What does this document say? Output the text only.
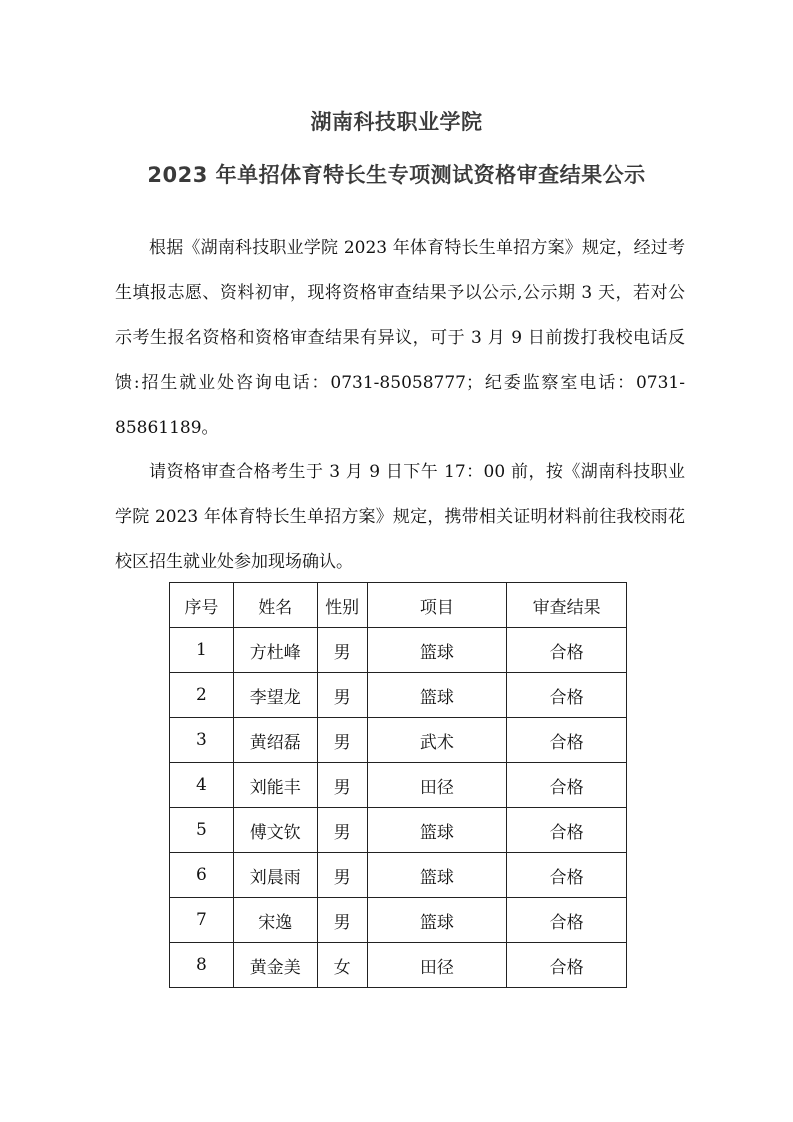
湖南科技职业学院
2023 年单招体育特长生专项测试资格审查结果公示

根据《湖南科技职业学院 2023 年体育特长生单招方案》规定，经过考生填报志愿、资料初审，现将资格审查结果予以公示,公示期 3 天，若对公示考生报名资格和资格审查结果有异议，可于 3 月 9 日前拨打我校电话反馈:招生就业处咨询电话：0731-85058777；纪委监察室电话：0731-85861189。

请资格审查合格考生于 3 月 9 日下午 17：00 前，按《湖南科技职业学院 2023 年体育特长生单招方案》规定，携带相关证明材料前往我校雨花校区招生就业处参加现场确认。

序号	姓名	性别	项目	审查结果
1	方杜峰	男	篮球	合格
2	李望龙	男	篮球	合格
3	黄绍磊	男	武术	合格
4	刘能丰	男	田径	合格
5	傅文钦	男	篮球	合格
6	刘晨雨	男	篮球	合格
7	宋逸	男	篮球	合格
8	黄金美	女	田径	合格
